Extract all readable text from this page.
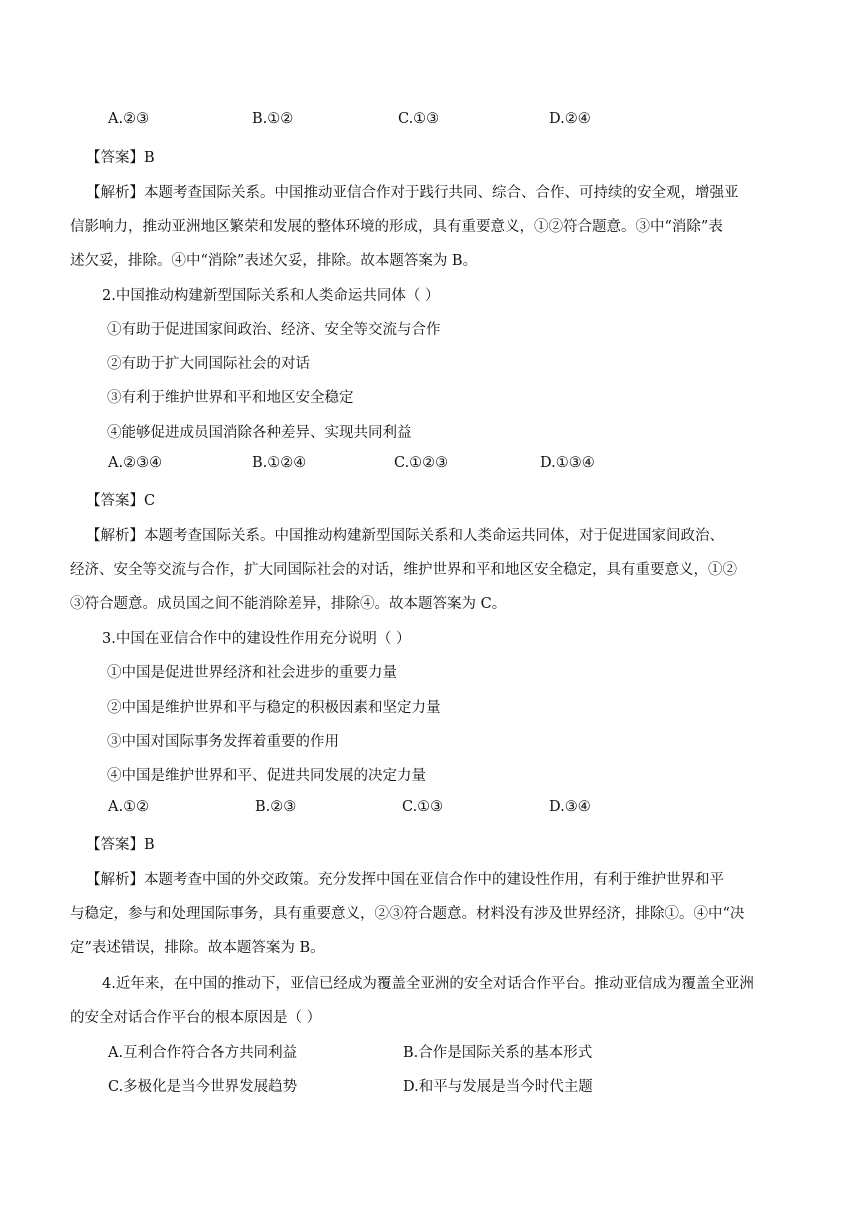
A.②③	B.①②	C.①③	D.②④
【答案】B
【解析】本题考查国际关系。中国推动亚信合作对于践行共同、综合、合作、可持续的安全观，增强亚
信影响力，推动亚洲地区繁荣和发展的整体环境的形成，具有重要意义，①②符合题意。③中“消除”表
述欠妥，排除。④中“消除”表述欠妥，排除。故本题答案为 B。
2.中国推动构建新型国际关系和人类命运共同体（ ）
①有助于促进国家间政治、经济、安全等交流与合作
②有助于扩大同国际社会的对话
③有利于维护世界和平和地区安全稳定
④能够促进成员国消除各种差异、实现共同利益
A.②③④	B.①②④	C.①②③	D.①③④
【答案】C
【解析】本题考查国际关系。中国推动构建新型国际关系和人类命运共同体，对于促进国家间政治、
经济、安全等交流与合作，扩大同国际社会的对话，维护世界和平和地区安全稳定，具有重要意义，①②
③符合题意。成员国之间不能消除差异，排除④。故本题答案为 C。
3.中国在亚信合作中的建设性作用充分说明（ ）
①中国是促进世界经济和社会进步的重要力量
②中国是维护世界和平与稳定的积极因素和坚定力量
③中国对国际事务发挥着重要的作用
④中国是维护世界和平、促进共同发展的决定力量
A.①②	B.②③	C.①③	D.③④
【答案】B
【解析】本题考查中国的外交政策。充分发挥中国在亚信合作中的建设性作用，有利于维护世界和平
与稳定，参与和处理国际事务，具有重要意义，②③符合题意。材料没有涉及世界经济，排除①。④中“决
定”表述错误，排除。故本题答案为 B。
4.近年来，在中国的推动下，亚信已经成为覆盖全亚洲的安全对话合作平台。推动亚信成为覆盖全亚洲
的安全对话合作平台的根本原因是（ ）
A.互利合作符合各方共同利益	B.合作是国际关系的基本形式
C.多极化是当今世界发展趋势	D.和平与发展是当今时代主题
